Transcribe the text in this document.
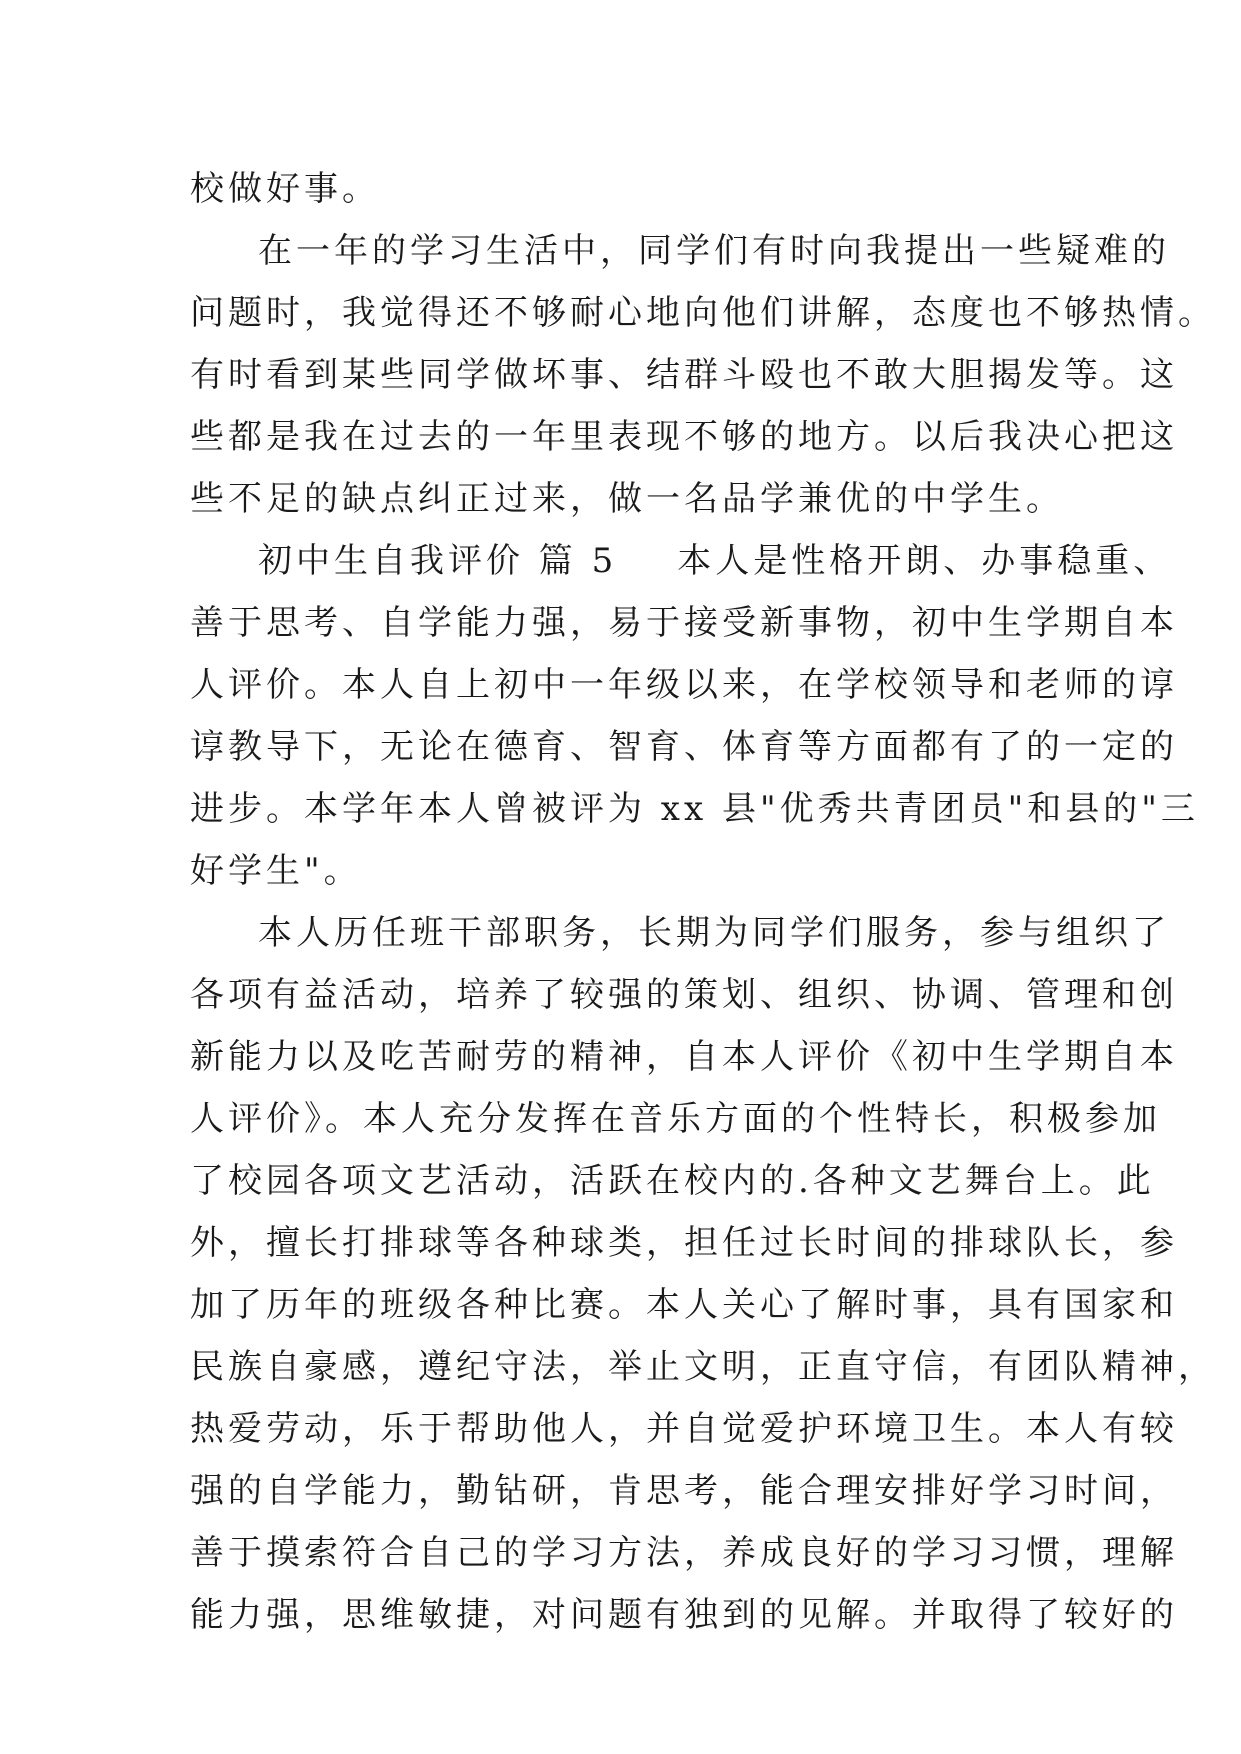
校做好事。
在一年的学习生活中，同学们有时向我提出一些疑难的
问题时，我觉得还不够耐心地向他们讲解，态度也不够热情。
有时看到某些同学做坏事、结群斗殴也不敢大胆揭发等。这
些都是我在过去的一年里表现不够的地方。以后我决心把这
些不足的缺点纠正过来，做一名品学兼优的中学生。
初中生自我评价 篇 5 本人是性格开朗、办事稳重、
善于思考、自学能力强，易于接受新事物，初中生学期自本
人评价。本人自上初中一年级以来，在学校领导和老师的谆
谆教导下，无论在德育、智育、体育等方面都有了的一定的
进步。本学年本人曾被评为 xx 县"优秀共青团员"和县的"三
好学生"。
本人历任班干部职务，长期为同学们服务，参与组织了
各项有益活动，培养了较强的策划、组织、协调、管理和创
新能力以及吃苦耐劳的精神，自本人评价《初中生学期自本
人评价》。本人充分发挥在音乐方面的个性特长，积极参加
了校园各项文艺活动，活跃在校内的.各种文艺舞台上。此
外，擅长打排球等各种球类，担任过长时间的排球队长，参
加了历年的班级各种比赛。本人关心了解时事，具有国家和
民族自豪感，遵纪守法，举止文明，正直守信，有团队精神，
热爱劳动，乐于帮助他人，并自觉爱护环境卫生。本人有较
强的自学能力，勤钻研，肯思考，能合理安排好学习时间，
善于摸索符合自己的学习方法，养成良好的学习习惯，理解
能力强，思维敏捷，对问题有独到的见解。并取得了较好的
